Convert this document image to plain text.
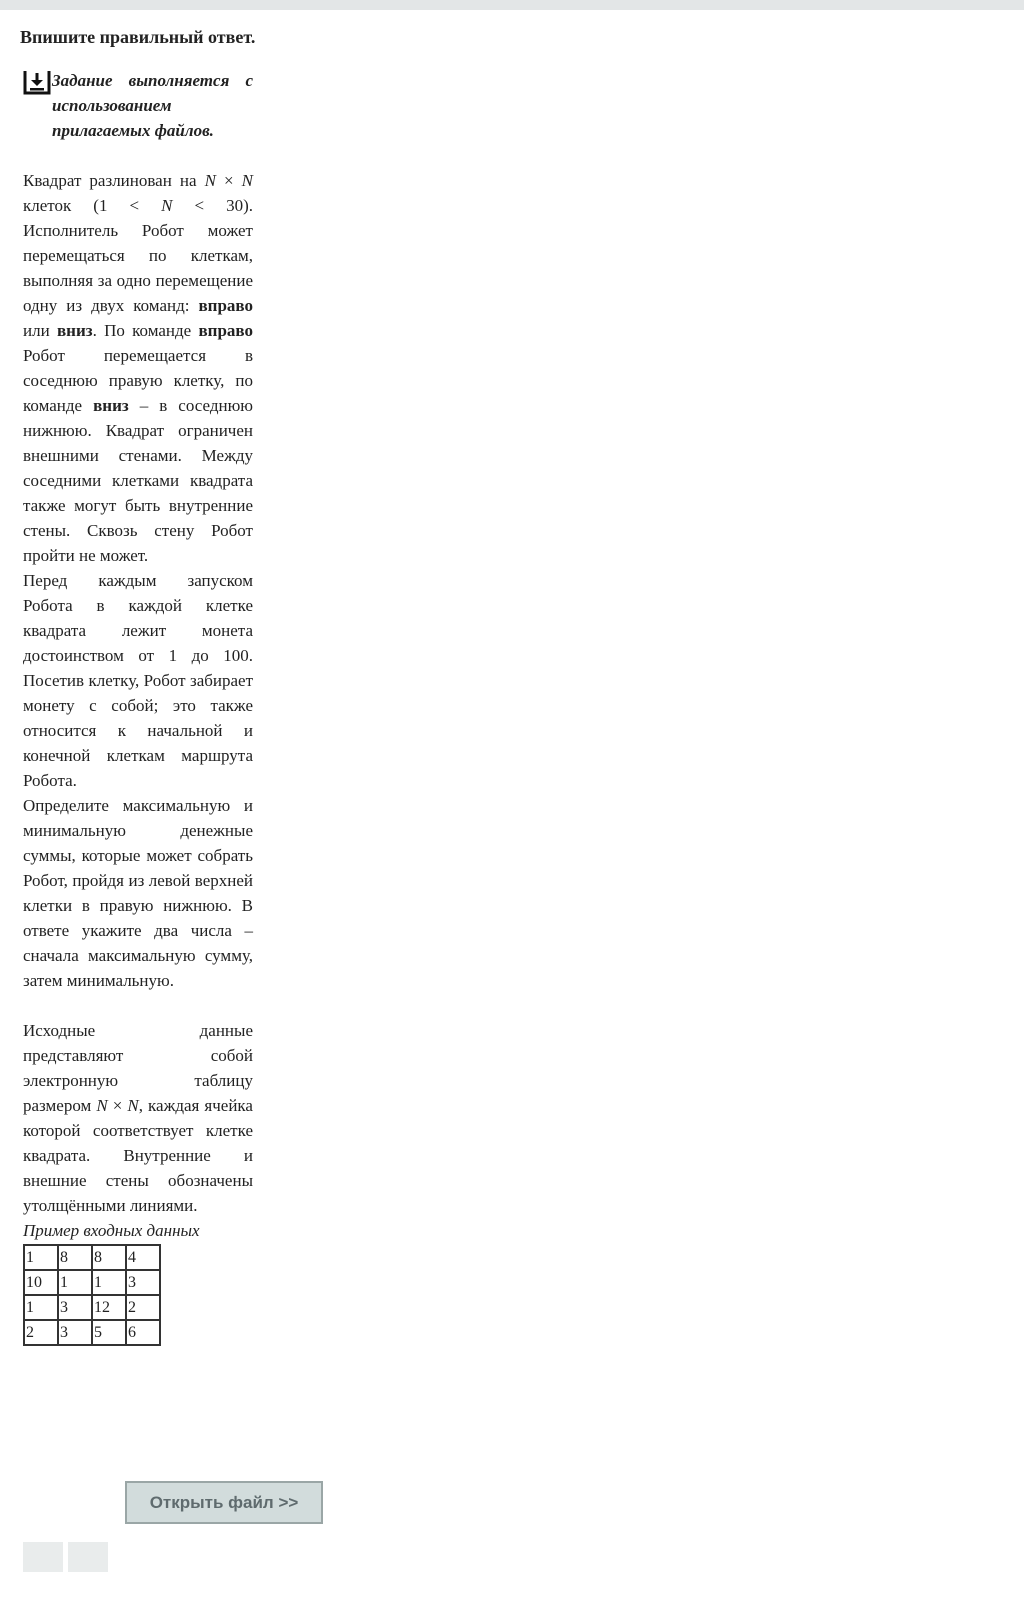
Впишите правильный ответ.
Задание выполняется с использованием прилагаемых файлов.
Квадрат разлинован на N × N клеток (1 < N < 30). Исполнитель Робот может перемещаться по клеткам, выполняя за одно перемещение одну из двух команд: вправо или вниз. По команде вправо Робот перемещается в соседнюю правую клетку, по команде вниз – в соседнюю нижнюю. Квадрат ограничен внешними стенами. Между соседними клетками квадрата также могут быть внутренние стены. Сквозь стену Робот пройти не может.
Перед каждым запуском Робота в каждой клетке квадрата лежит монета достоинством от 1 до 100. Посетив клетку, Робот забирает монету с собой; это также относится к начальной и конечной клеткам маршрута Робота.
Определите максимальную и минимальную денежные суммы, которые может собрать Робот, пройдя из левой верхней клетки в правую нижнюю. В ответе укажите два числа – сначала максимальную сумму, затем минимальную.
Исходные данные представляют собой электронную таблицу размером N × N, каждая ячейка которой соответствует клетке квадрата. Внутренние и внешние стены обозначены утолщёнными линиями.
Пример входных данных
1	8	8	4
10	1	1	3
1	3	12	2
2	3	5	6
Открыть файл >>
